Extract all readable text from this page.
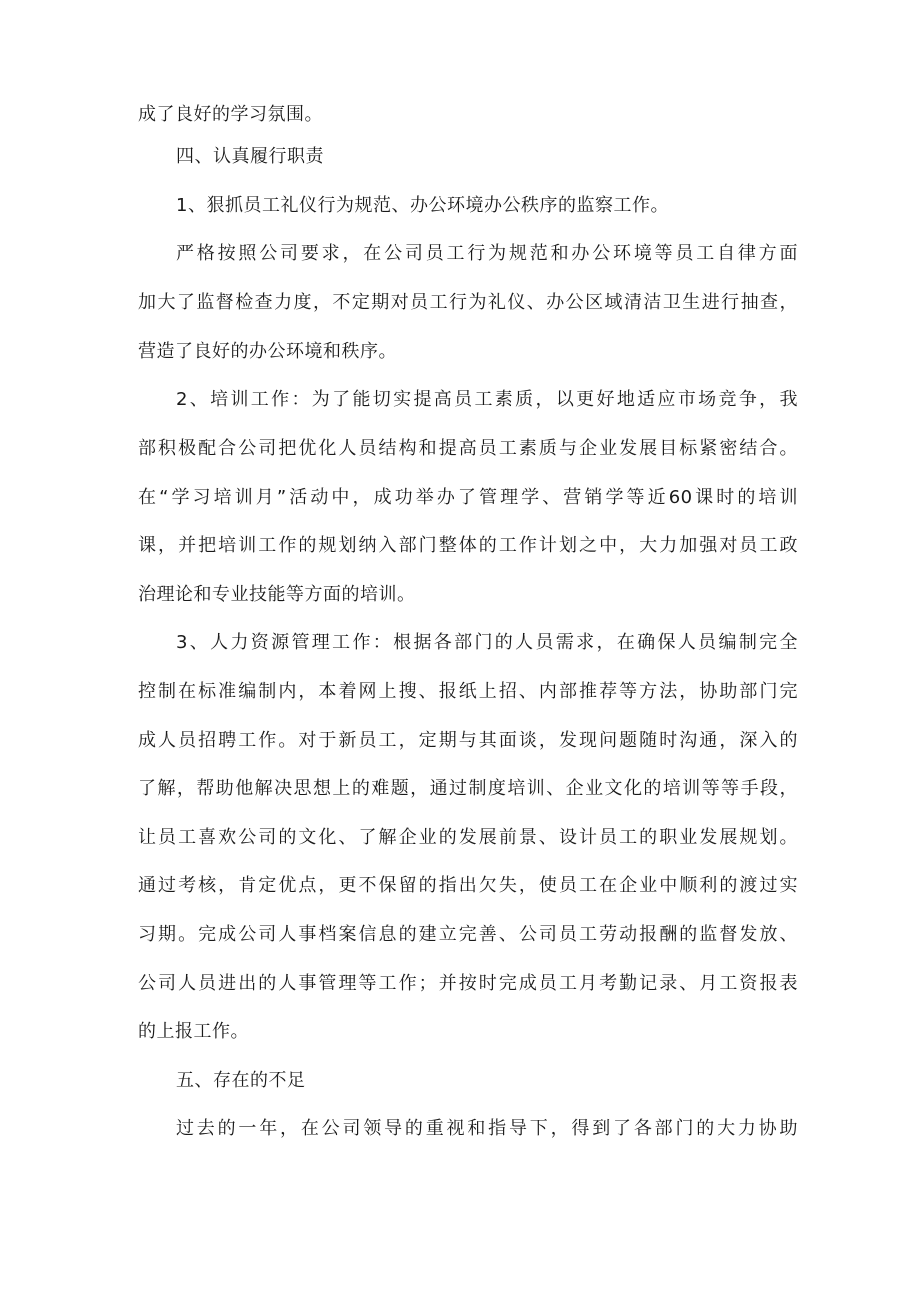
成了良好的学习氛围。

四、认真履行职责

1、狠抓员工礼仪行为规范、办公环境办公秩序的监察工作。

严格按照公司要求，在公司员工行为规范和办公环境等员工自律方面

加大了监督检查力度，不定期对员工行为礼仪、办公区域清洁卫生进行抽查，

营造了良好的办公环境和秩序。

2、培训工作：为了能切实提高员工素质，以更好地适应市场竞争，我

部积极配合公司把优化人员结构和提高员工素质与企业发展目标紧密结合。

在“学习培训月”活动中，成功举办了管理学、营销学等近60课时的培训

课，并把培训工作的规划纳入部门整体的工作计划之中，大力加强对员工政

治理论和专业技能等方面的培训。

3、人力资源管理工作：根据各部门的人员需求，在确保人员编制完全

控制在标准编制内，本着网上搜、报纸上招、内部推荐等方法，协助部门完

成人员招聘工作。对于新员工，定期与其面谈，发现问题随时沟通，深入的

了解，帮助他解决思想上的难题，通过制度培训、企业文化的培训等等手段，

让员工喜欢公司的文化、了解企业的发展前景、设计员工的职业发展规划。

通过考核，肯定优点，更不保留的指出欠失，使员工在企业中顺利的渡过实

习期。完成公司人事档案信息的建立完善、公司员工劳动报酬的监督发放、

公司人员进出的人事管理等工作；并按时完成员工月考勤记录、月工资报表

的上报工作。

五、存在的不足

过去的一年，在公司领导的重视和指导下，得到了各部门的大力协助
